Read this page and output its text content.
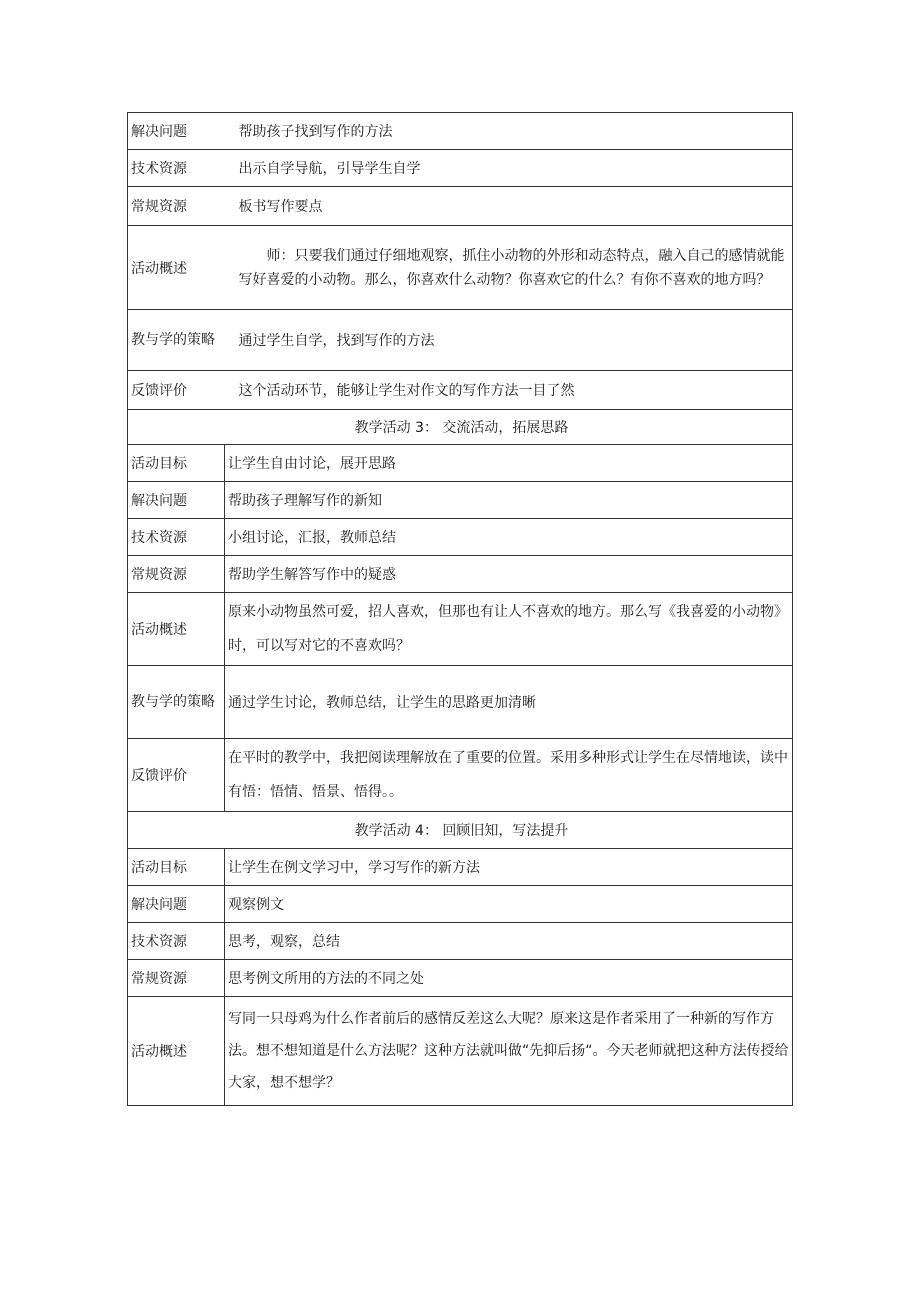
解决问题	帮助孩子找到写作的方法
技术资源	出示自学导航，引导学生自学
常规资源	板书写作要点
活动概述	师：只要我们通过仔细地观察，抓住小动物的外形和动态特点，融入自己的感情就能写好喜爱的小动物。那么，你喜欢什么动物？你喜欢它的什么？有你不喜欢的地方吗？
教与学的策略	通过学生自学，找到写作的方法
反馈评价	这个活动环节，能够让学生对作文的写作方法一目了然
教学活动 3： 交流活动，拓展思路	
活动目标	让学生自由讨论，展开思路
解决问题	帮助孩子理解写作的新知
技术资源	小组讨论，汇报，教师总结
常规资源	帮助学生解答写作中的疑惑
活动概述	原来小动物虽然可爱，招人喜欢，但那也有让人不喜欢的地方。那么写《我喜爱的小动物》时，可以写对它的不喜欢吗？
教与学的策略	通过学生讨论，教师总结，让学生的思路更加清晰
反馈评价	在平时的教学中，我把阅读理解放在了重要的位置。采用多种形式让学生在尽情地读，读中有悟：悟情、悟景、悟得。。
教学活动 4： 回顾旧知，写法提升	
活动目标	让学生在例文学习中，学习写作的新方法
解决问题	观察例文
技术资源	思考，观察，总结
常规资源	思考例文所用的方法的不同之处
活动概述	写同一只母鸡为什么作者前后的感情反差这么大呢？原来这是作者采用了一种新的写作方法。想不想知道是什么方法呢？这种方法就叫做“先抑后扬“。今天老师就把这种方法传授给大家，想不想学？
